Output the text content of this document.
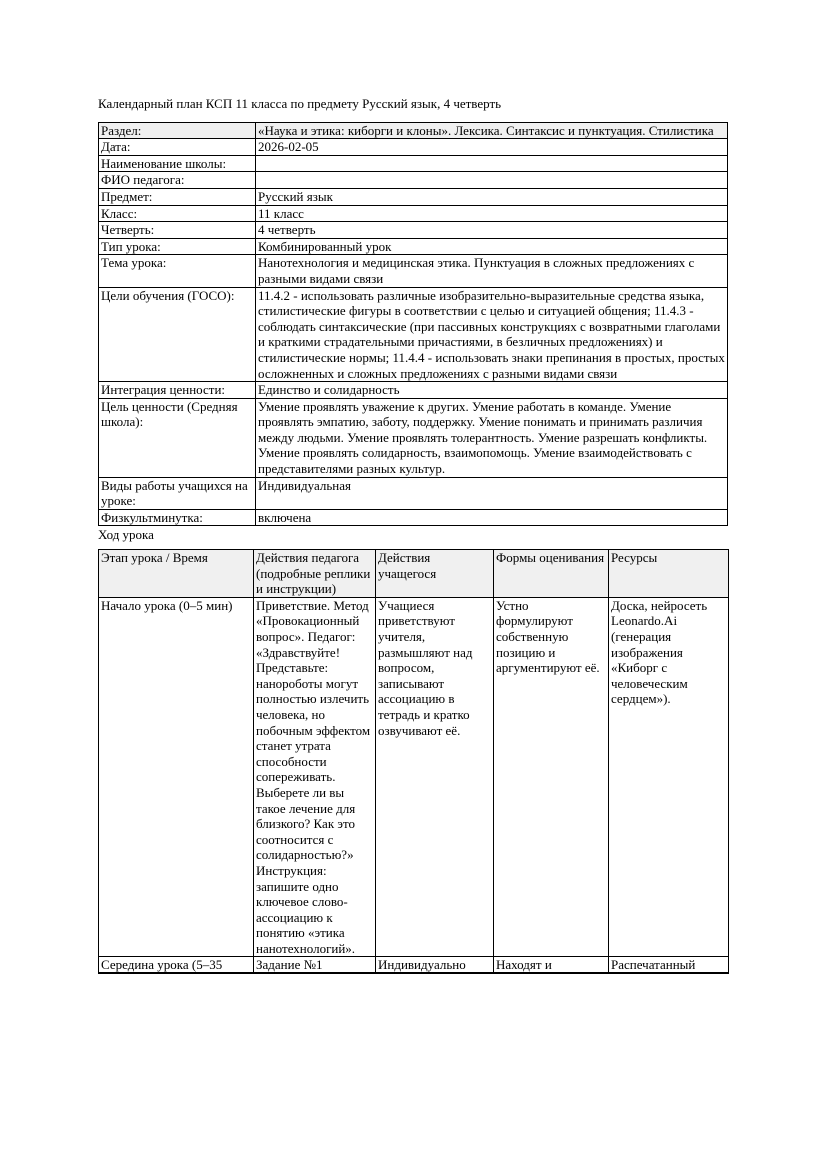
Календарный план КСП 11 класса по предмету Русский язык, 4 четверть
Раздел:	«Наука и этика: киборги и клоны». Лексика. Синтаксис и пунктуация. Стилистика
Дата:	2026-02-05
Наименование школы:	
ФИО педагога:	
Предмет:	Русский язык
Класс:	11 класс
Четверть:	4 четверть
Тип урока:	Комбинированный урок
Тема урока:	Нанотехнология и медицинская этика. Пунктуация в сложных предложениях с разными видами связи
Цели обучения (ГОСО):	11.4.2 - использовать различные изобразительно-выразительные средства языка, стилистические фигуры в соответствии с целью и ситуацией общения; 11.4.3 - соблюдать синтаксические (при пассивных конструкциях с возвратными глаголами и краткими страдательными причастиями, в безличных предложениях) и стилистические нормы; 11.4.4 - использовать знаки препинания в простых, простых осложненных и сложных предложениях с разными видами связи
Интеграция ценности:	Единство и солидарность
Цель ценности (Средняя школа):	Умение проявлять уважение к других. Умение работать в команде. Умение проявлять эмпатию, заботу, поддержку. Умение понимать и принимать различия между людьми. Умение проявлять толерантность. Умение разрешать конфликты. Умение проявлять солидарность, взаимопомощь. Умение взаимодействовать с представителями разных культур.
Виды работы учащихся на уроке:	Индивидуальная
Физкультминутка:	включена
Ход урока
Этап урока / Время	Действия педагога (подробные реплики и инструкции)	Действия учащегося	Формы оценивания	Ресурсы
Начало урока (0–5 мин)	Приветствие. Метод «Провокационный вопрос». Педагог: «Здравствуйте! Представьте: нанороботы могут полностью излечить человека, но побочным эффектом станет утрата способности сопереживать. Выберете ли вы такое лечение для близкого? Как это соотносится с солидарностью?» Инструкция: запишите одно ключевое слово-ассоциацию к понятию «этика нанотехнологий».	Учащиеся приветствуют учителя, размышляют над вопросом, записывают ассоциацию в тетрадь и кратко озвучивают её.	Устно формулируют собственную позицию и аргументируют её.	Доска, нейросеть Leonardo.Ai (генерация изображения «Киборг с человеческим сердцем»).

Середина урока (5–35	Задание №1	Индивидуально	Находят и	Распечатанный
